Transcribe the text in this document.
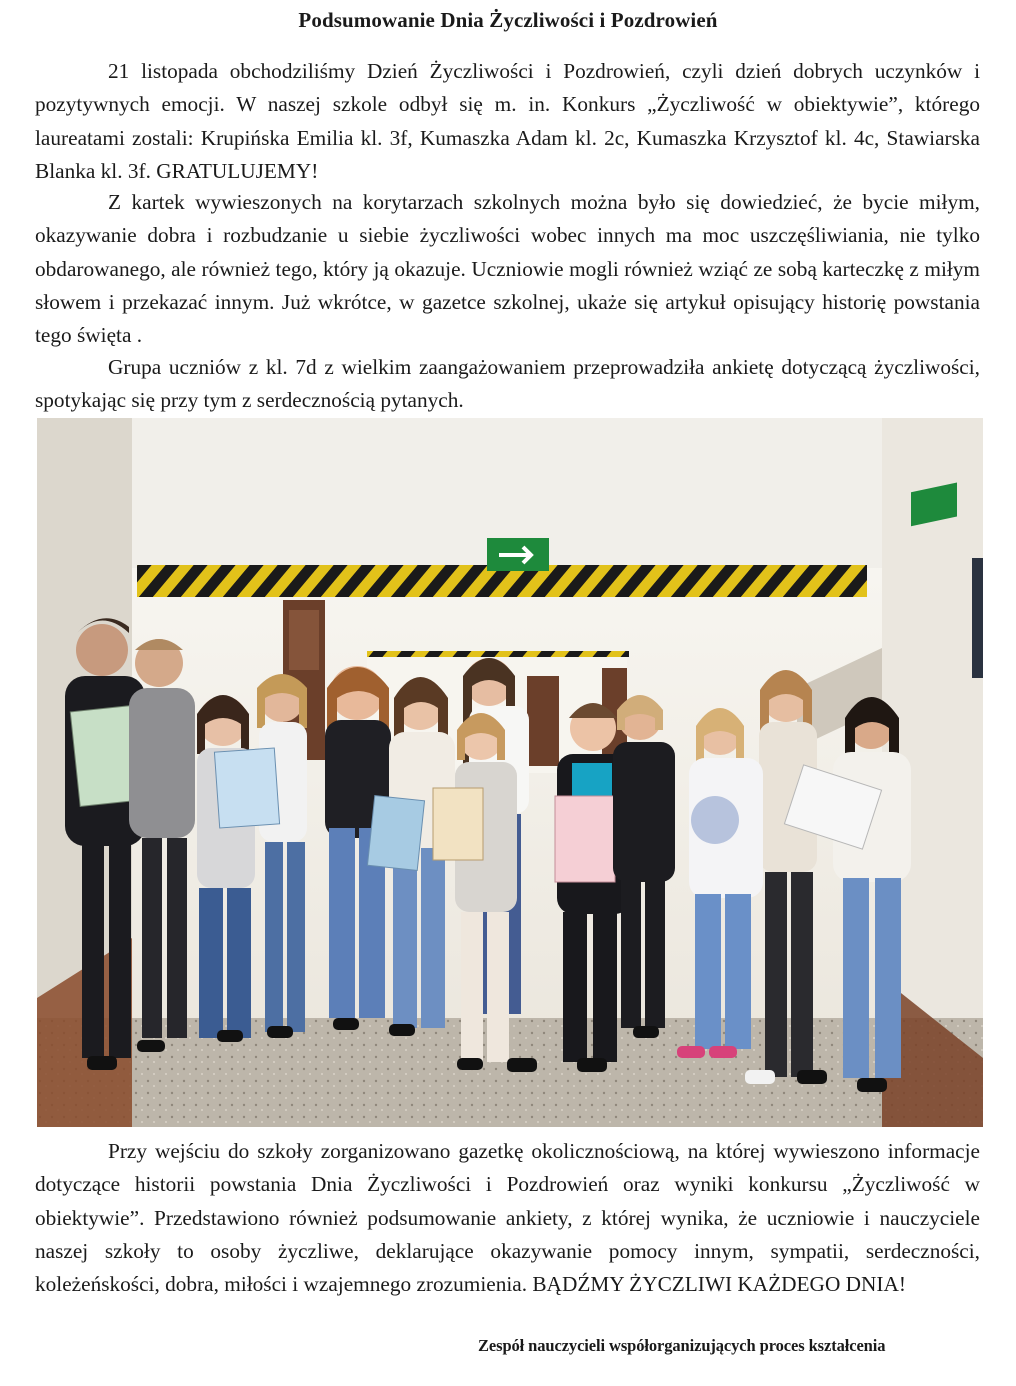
Podsumowanie Dnia Życzliwości i Pozdrowień

21 listopada obchodziliśmy Dzień Życzliwości i Pozdrowień, czyli dzień dobrych uczynków i pozytywnych emocji. W naszej szkole odbył się m. in. Konkurs „Życzliwość w obiektywie”, którego laureatami zostali: Krupińska Emilia kl. 3f, Kumaszka Adam kl. 2c, Kumaszka Krzysztof kl. 4c, Stawiarska Blanka kl. 3f. GRATULUJEMY!

Z kartek wywieszonych na korytarzach szkolnych można było się dowiedzieć, że bycie miłym, okazywanie dobra i rozbudzanie u siebie życzliwości wobec innych ma moc uszczęśliwiania, nie tylko obdarowanego, ale również tego, który ją okazuje. Uczniowie mogli również wziąć ze sobą karteczkę z miłym słowem i przekazać innym. Już wkrótce, w gazetce szkolnej, ukaże się artykuł opisujący historię powstania tego święta .

Grupa uczniów z kl. 7d z wielkim zaangażowaniem przeprowadziła ankietę dotyczącą życzliwości, spotykając się przy tym z serdecznością pytanych.

Przy wejściu do szkoły zorganizowano gazetkę okolicznościową, na której wywieszono informacje dotyczące historii powstania Dnia Życzliwości i Pozdrowień oraz wyniki konkursu „Życzliwość w obiektywie”. Przedstawiono również podsumowanie ankiety, z której wynika, że uczniowie i nauczyciele naszej szkoły to osoby życzliwe, deklarujące okazywanie pomocy innym, sympatii, serdeczności, koleżeńskości, dobra, miłości i wzajemnego zrozumienia. BĄDŹMY ŻYCZLIWI KAŻDEGO DNIA!

Zespół nauczycieli współorganizujących proces kształcenia
